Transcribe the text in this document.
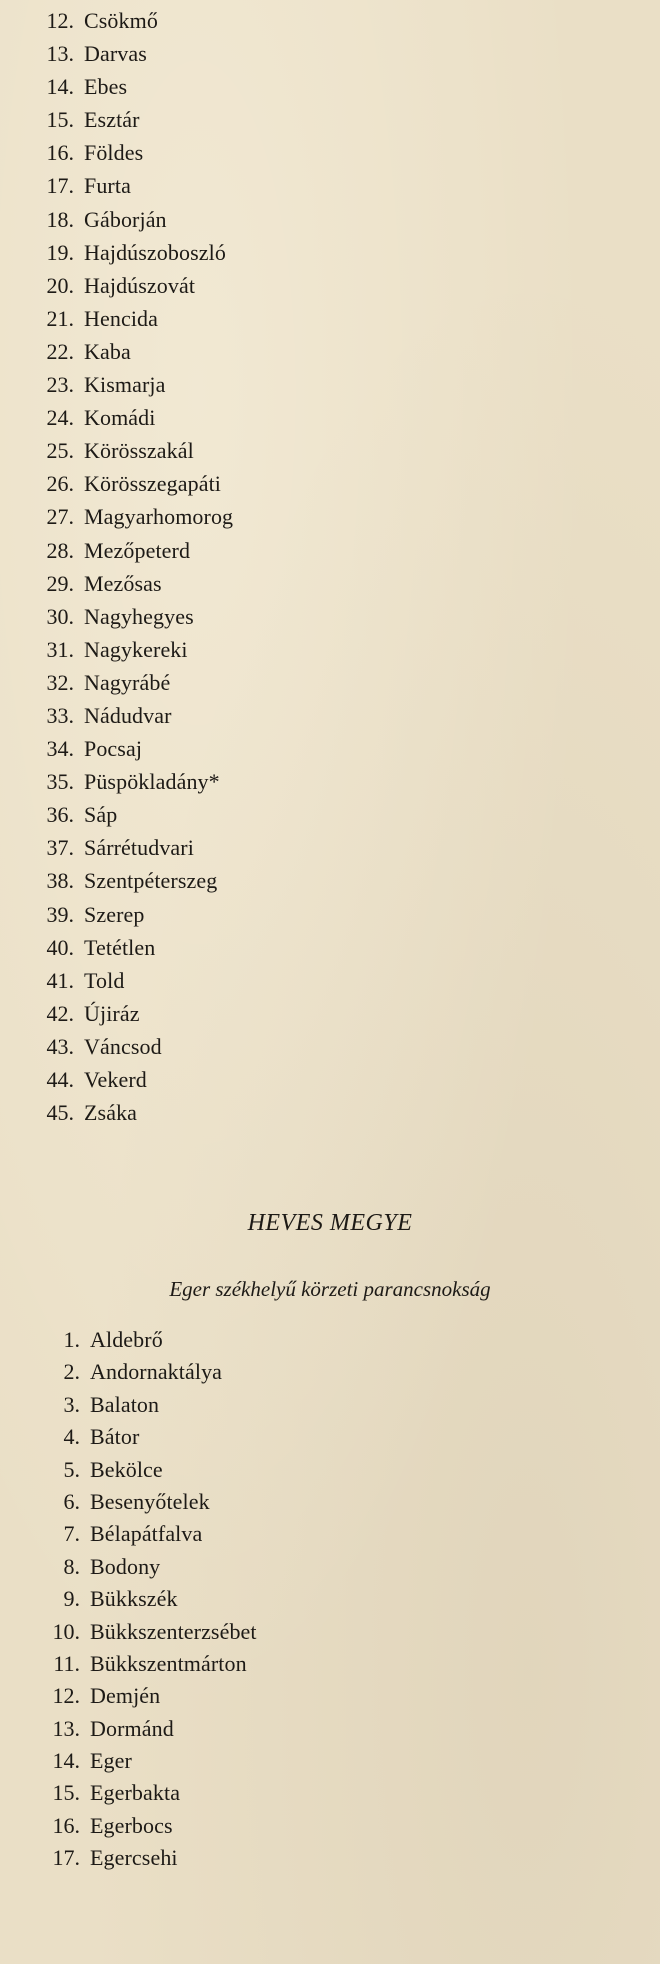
12. Csökmő
13. Darvas
14. Ebes
15. Esztár
16. Földes
17. Furta
18. Gáborján
19. Hajdúszoboszló
20. Hajdúszovát
21. Hencida
22. Kaba
23. Kismarja
24. Komádi
25. Körösszakál
26. Körösszegapáti
27. Magyarhomorog
28. Mezőpeterd
29. Mezősas
30. Nagyhegyes
31. Nagykereki
32. Nagyrábé
33. Nádudvar
34. Pocsaj
35. Püspökladány*
36. Sáp
37. Sárrétudvari
38. Szentpéterszeg
39. Szerep
40. Tetétlen
41. Told
42. Újiráz
43. Váncsod
44. Vekerd
45. Zsáka
HEVES MEGYE
Eger székhelyű körzeti parancsnokság
1. Aldebrő
2. Andornaktálya
3. Balaton
4. Bátor
5. Bekölce
6. Besenyőtelek
7. Bélapátfalva
8. Bodony
9. Bükkszék
10. Bükkszenterzsébet
11. Bükkszentmárton
12. Demjén
13. Dormánd
14. Eger
15. Egerbakta
16. Egerbocs
17. Egercsehi
